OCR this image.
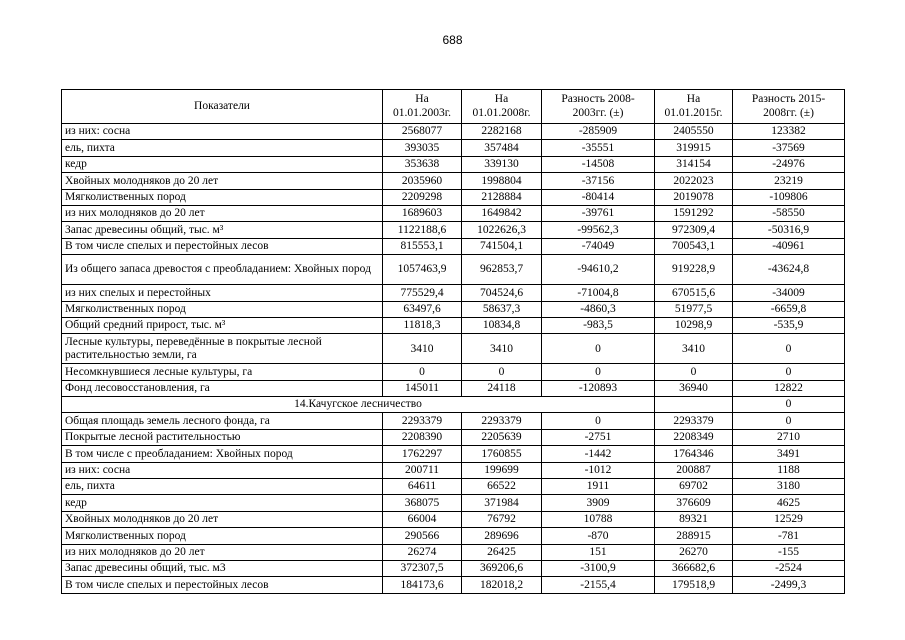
688
Показатели	На 01.01.2003г.	На 01.01.2008г.	Разность 2008-2003гг. (±)	На 01.01.2015г.	Разность 2015-2008гг. (±)
из них: сосна	2568077	2282168	-285909	2405550	123382
ель, пихта	393035	357484	-35551	319915	-37569
кедр	353638	339130	-14508	314154	-24976
Хвойных молодняков до 20 лет	2035960	1998804	-37156	2022023	23219
Мягколиственных пород	2209298	2128884	-80414	2019078	-109806
из них молодняков до 20 лет	1689603	1649842	-39761	1591292	-58550
Запас древесины общий, тыс. м³	1122188,6	1022626,3	-99562,3	972309,4	-50316,9
В том числе спелых и перестойных лесов	815553,1	741504,1	-74049	700543,1	-40961
Из общего запаса древостоя с преобладанием: Хвойных пород	1057463,9	962853,7	-94610,2	919228,9	-43624,8
из них спелых и перестойных	775529,4	704524,6	-71004,8	670515,6	-34009
Мягколиственных пород	63497,6	58637,3	-4860,3	51977,5	-6659,8
Общий средний прирост, тыс. м³	11818,3	10834,8	-983,5	10298,9	-535,9
Лесные культуры, переведённые в покрытые лесной растительностью земли, га	3410	3410	0	3410	0
Несомкнувшиеся лесные культуры, га	0	0	0	0	0
Фонд лесовосстановления, га	145011	24118	-120893	36940	12822
14.Качугское лесничество					0
Общая площадь земель лесного фонда, га	2293379	2293379	0	2293379	0
Покрытые лесной растительностью	2208390	2205639	-2751	2208349	2710
В том числе с преобладанием: Хвойных пород	1762297	1760855	-1442	1764346	3491
из них: сосна	200711	199699	-1012	200887	1188
ель, пихта	64611	66522	1911	69702	3180
кедр	368075	371984	3909	376609	4625
Хвойных молодняков до 20 лет	66004	76792	10788	89321	12529
Мягколиственных пород	290566	289696	-870	288915	-781
из них молодняков до 20 лет	26274	26425	151	26270	-155
Запас древесины общий, тыс. м3	372307,5	369206,6	-3100,9	366682,6	-2524
В том числе спелых и перестойных лесов	184173,6	182018,2	-2155,4	179518,9	-2499,3
